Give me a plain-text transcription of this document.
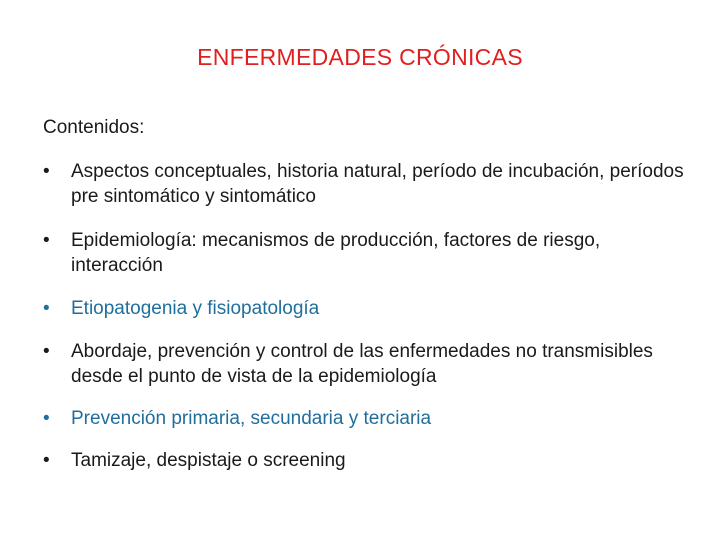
ENFERMEDADES CRÓNICAS
Contenidos:
•	Aspectos conceptuales, historia natural, período de incubación, períodos pre sintomático y sintomático
•	Epidemiología: mecanismos de producción, factores de riesgo, interacción
•	Etiopatogenia y fisiopatología
•	Abordaje, prevención y control de las enfermedades no transmisibles desde el punto de vista de la epidemiología
•	Prevención primaria, secundaria y terciaria
•	Tamizaje, despistaje o screening
